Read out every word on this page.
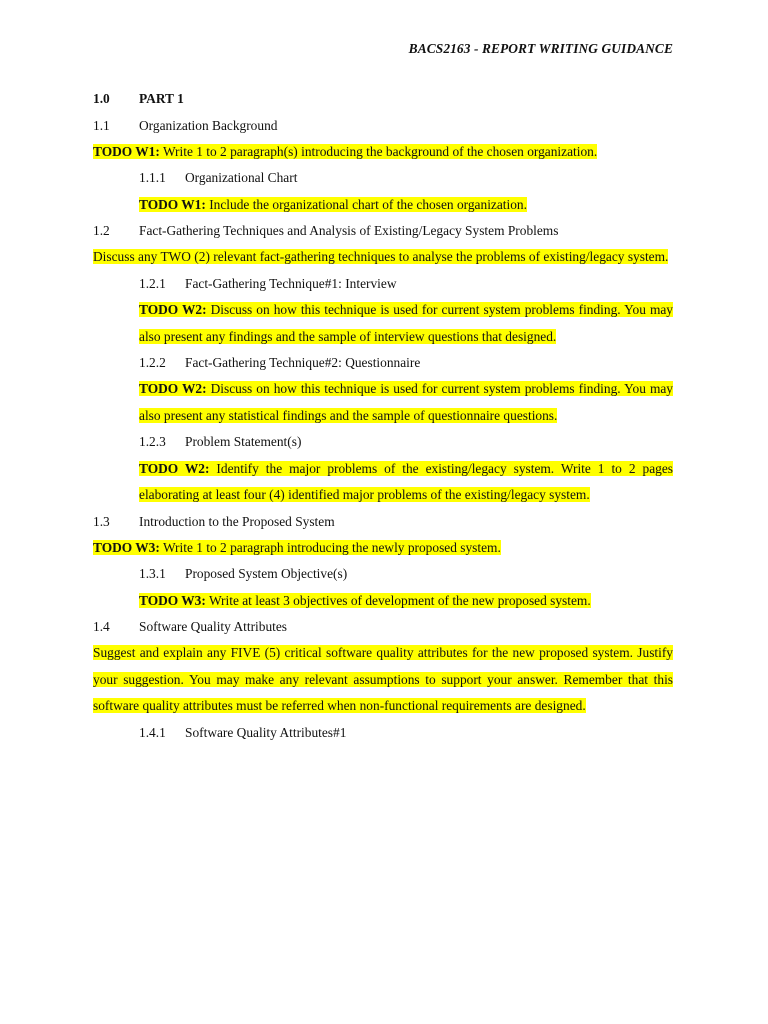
BACS2163 - REPORT WRITING GUIDANCE
1.0	PART 1
1.1	Organization Background

TODO W1: Write 1 to 2 paragraph(s) introducing the background of the chosen organization.

1.1.1	Organizational Chart

TODO W1: Include the organizational chart of the chosen organization.

1.2	Fact-Gathering Techniques and Analysis of Existing/Legacy System Problems

Discuss any TWO (2) relevant fact-gathering techniques to analyse the problems of existing/legacy system.

1.2.1	Fact-Gathering Technique#1: Interview

TODO W2: Discuss on how this technique is used for current system problems finding. You may also present any findings and the sample of interview questions that designed.

1.2.2	Fact-Gathering Technique#2: Questionnaire

TODO W2: Discuss on how this technique is used for current system problems finding. You may also present any statistical findings and the sample of questionnaire questions.

1.2.3	Problem Statement(s)

TODO W2: Identify the major problems of the existing/legacy system. Write 1 to 2 pages elaborating at least four (4) identified major problems of the existing/legacy system.

1.3	Introduction to the Proposed System

TODO W3: Write 1 to 2 paragraph introducing the newly proposed system.

1.3.1	Proposed System Objective(s)

TODO W3: Write at least 3 objectives of development of the new proposed system.

1.4	Software Quality Attributes

Suggest and explain any FIVE (5) critical software quality attributes for the new proposed system. Justify your suggestion. You may make any relevant assumptions to support your answer. Remember that this software quality attributes must be referred when non-functional requirements are designed.

1.4.1	Software Quality Attributes#1
